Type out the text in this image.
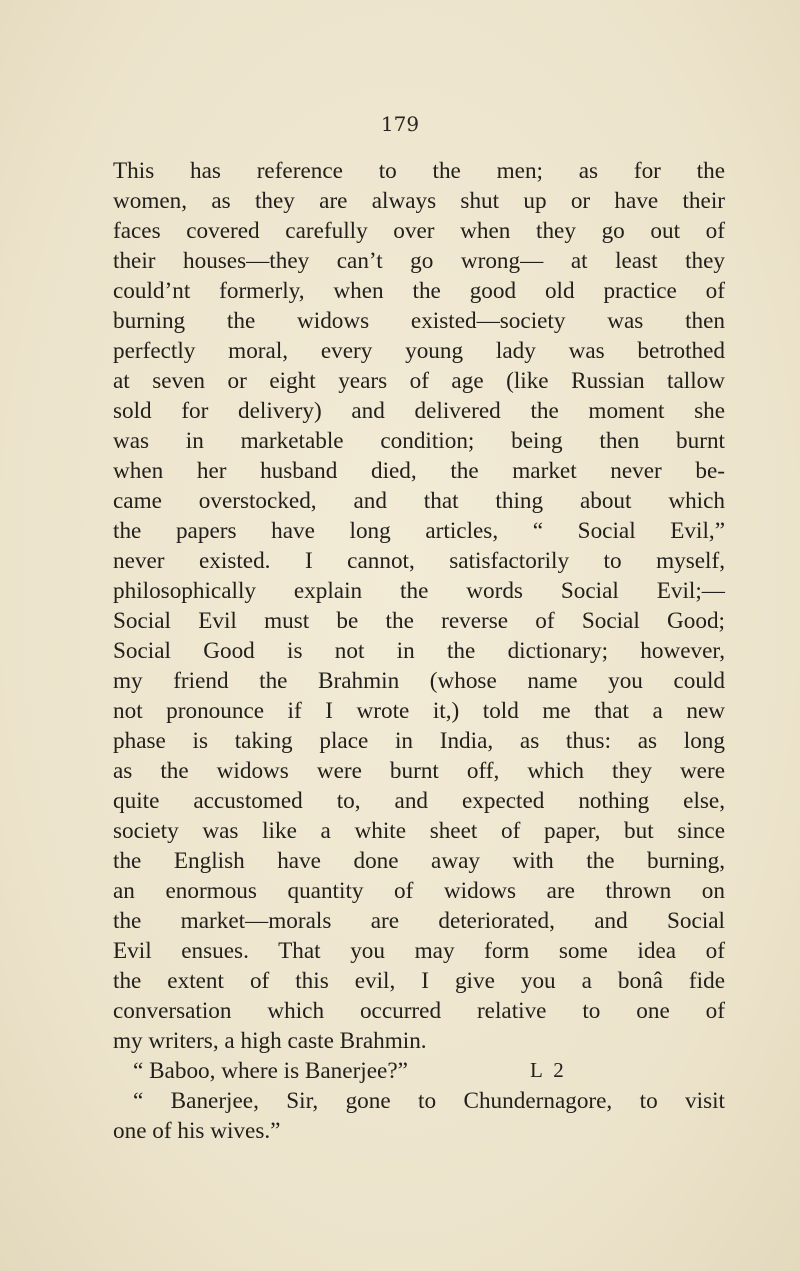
179
This has reference to the men; as for the
women, as they are always shut up or have their
faces covered carefully over when they go out of
their houses—they can’t go wrong— at least they
could’nt formerly, when the good old practice of
burning the widows existed—society was then
perfectly moral, every young lady was betrothed
at seven or eight years of age (like Russian tallow
sold for delivery) and delivered the moment she
was in marketable condition; being then burnt
when her husband died, the market never be-
came overstocked, and that thing about which
the papers have long articles, “ Social Evil,”
never existed. I cannot, satisfactorily to myself,
philosophically explain the words Social Evil;—
Social Evil must be the reverse of Social Good;
Social Good is not in the dictionary; however,
my friend the Brahmin (whose name you could
not pronounce if I wrote it,) told me that a new
phase is taking place in India, as thus: as long
as the widows were burnt off, which they were
quite accustomed to, and expected nothing else,
society was like a white sheet of paper, but since
the English have done away with the burning,
an enormous quantity of widows are thrown on
the market—morals are deteriorated, and Social
Evil ensues. That you may form some idea of
the extent of this evil, I give you a bonâ fide
conversation which occurred relative to one of
my writers, a high caste Brahmin.
“ Baboo, where is Banerjee?”
“ Banerjee, Sir, gone to Chundernagore, to visit
one of his wives.”
L 2
